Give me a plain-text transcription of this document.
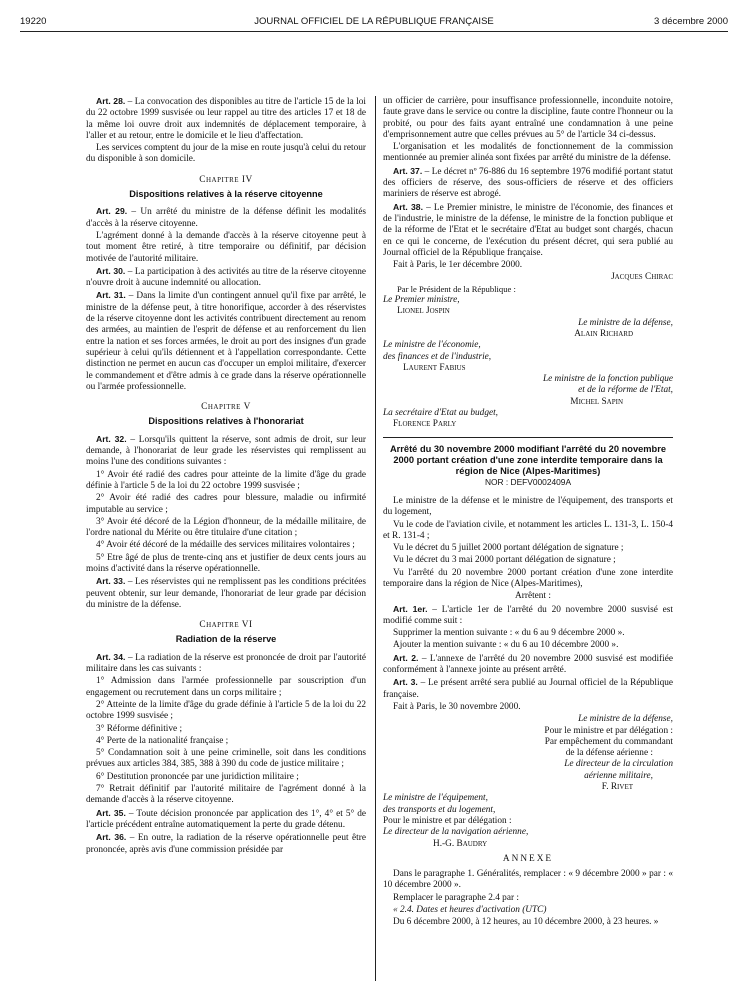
19220	JOURNAL OFFICIEL DE LA RÉPUBLIQUE FRANÇAISE	3 décembre 2000

Art. 28. – La convocation des disponibles au titre de l'article 15 de la loi du 22 octobre 1999 susvisée ou leur rappel au titre des articles 17 et 18 de la même loi ouvre droit aux indemnités de déplacement temporaire, à l'aller et au retour, entre le domicile et le lieu d'affectation.

Les services comptent du jour de la mise en route jusqu'à celui du retour du disponible à son domicile.

Chapitre IV
Dispositions relatives à la réserve citoyenne

Art. 29. – Un arrêté du ministre de la défense définit les modalités d'accès à la réserve citoyenne.

L'agrément donné à la demande d'accès à la réserve citoyenne peut à tout moment être retiré, à titre temporaire ou définitif, par décision motivée de l'autorité militaire.

Art. 30. – La participation à des activités au titre de la réserve citoyenne n'ouvre droit à aucune indemnité ou allocation.

Art. 31. – Dans la limite d'un contingent annuel qu'il fixe par arrêté, le ministre de la défense peut, à titre honorifique, accorder à des réservistes de la réserve citoyenne dont les activités contribuent directement au renom des armées, au maintien de l'esprit de défense et au renforcement du lien entre la nation et ses forces armées, le droit au port des insignes d'un grade supérieur à celui qu'ils détiennent et à l'appellation correspondante. Cette distinction ne permet en aucun cas d'occuper un emploi militaire, d'exercer le commandement et d'être admis à ce grade dans la réserve opérationnelle ou l'armée professionnelle.

Chapitre V
Dispositions relatives à l'honorariat

Art. 32. – Lorsqu'ils quittent la réserve, sont admis de droit, sur leur demande, à l'honorariat de leur grade les réservistes qui remplissent au moins l'une des conditions suivantes :

1° Avoir été radié des cadres pour atteinte de la limite d'âge du grade définie à l'article 5 de la loi du 22 octobre 1999 susvisée ;

2° Avoir été radié des cadres pour blessure, maladie ou infirmité imputable au service ;

3° Avoir été décoré de la Légion d'honneur, de la médaille militaire, de l'ordre national du Mérite ou être titulaire d'une citation ;

4° Avoir été décoré de la médaille des services militaires volontaires ;

5° Etre âgé de plus de trente-cinq ans et justifier de deux cents jours au moins d'activité dans la réserve opérationnelle.

Art. 33. – Les réservistes qui ne remplissent pas les conditions précitées peuvent obtenir, sur leur demande, l'honorariat de leur grade par décision du ministre de la défense.

Chapitre VI
Radiation de la réserve

Art. 34. – La radiation de la réserve est prononcée de droit par l'autorité militaire dans les cas suivants :

1° Admission dans l'armée professionnelle par souscription d'un engagement ou recrutement dans un corps militaire ;

2° Atteinte de la limite d'âge du grade définie à l'article 5 de la loi du 22 octobre 1999 susvisée ;

3° Réforme définitive ;

4° Perte de la nationalité française ;

5° Condamnation soit à une peine criminelle, soit dans les conditions prévues aux articles 384, 385, 388 à 390 du code de justice militaire ;

6° Destitution prononcée par une juridiction militaire ;

7° Retrait définitif par l'autorité militaire de l'agrément donné à la demande d'accès à la réserve citoyenne.

Art. 35. – Toute décision prononcée par application des 1°, 4° et 5° de l'article précédent entraîne automatiquement la perte du grade détenu.

Art. 36. – En outre, la radiation de la réserve opérationnelle peut être prononcée, après avis d'une commission présidée par

un officier de carrière, pour insuffisance professionnelle, inconduite notoire, faute grave dans le service ou contre la discipline, faute contre l'honneur ou la probité, ou pour des faits ayant entraîné une condamnation à une peine d'emprisonnement autre que celles prévues au 5° de l'article 34 ci-dessus.

L'organisation et les modalités de fonctionnement de la commission mentionnée au premier alinéa sont fixées par arrêté du ministre de la défense.

Art. 37. – Le décret nº 76-886 du 16 septembre 1976 modifié portant statut des officiers de réserve, des sous-officiers de réserve et des officiers mariniers de réserve est abrogé.

Art. 38. – Le Premier ministre, le ministre de l'économie, des finances et de l'industrie, le ministre de la défense, le ministre de la fonction publique et de la réforme de l'Etat et le secrétaire d'Etat au budget sont chargés, chacun en ce qui le concerne, de l'exécution du présent décret, qui sera publié au Journal officiel de la République française.

Fait à Paris, le 1er décembre 2000.

Jacques Chirac

Par le Président de la République :

Le Premier ministre,

Lionel Jospin

Le ministre de la défense,

Alain Richard

Le ministre de l'économie,

des finances et de l'industrie,

Laurent Fabius

Le ministre de la fonction publique

et de la réforme de l'Etat,

Michel Sapin

La secrétaire d'Etat au budget,

Florence Parly

Arrêté du 30 novembre 2000 modifiant l'arrêté du 20 novembre 2000 portant création d'une zone interdite temporaire dans la région de Nice (Alpes-Maritimes)

NOR : DEFV0002409A

Le ministre de la défense et le ministre de l'équipement, des transports et du logement,

Vu le code de l'aviation civile, et notamment les articles L. 131-3, L. 150-4 et R. 131-4 ;

Vu le décret du 5 juillet 2000 portant délégation de signature ;

Vu le décret du 3 mai 2000 portant délégation de signature ;

Vu l'arrêté du 20 novembre 2000 portant création d'une zone interdite temporaire dans la région de Nice (Alpes-Maritimes),

Arrêtent :

Art. 1er. – L'article 1er de l'arrêté du 20 novembre 2000 susvisé est modifié comme suit :

Supprimer la mention suivante : « du 6 au 9 décembre 2000 ».

Ajouter la mention suivante : « du 6 au 10 décembre 2000 ».

Art. 2. – L'annexe de l'arrêté du 20 novembre 2000 susvisé est modifiée conformément à l'annexe jointe au présent arrêté.

Art. 3. – Le présent arrêté sera publié au Journal officiel de la République française.

Fait à Paris, le 30 novembre 2000.

Le ministre de la défense,

Pour le ministre et par délégation :

Par empêchement du commandant

de la défense aérienne :

Le directeur de la circulation

aérienne militaire,

F. Rivet

Le ministre de l'équipement,

des transports et du logement,

Pour le ministre et par délégation :

Le directeur de la navigation aérienne,

H.-G. Baudry

ANNEXE

Dans le paragraphe 1. Généralités, remplacer : « 9 décembre 2000 » par : « 10 décembre 2000 ».

Remplacer le paragraphe 2.4 par :

« 2.4. Dates et heures d'activation (UTC)

Du 6 décembre 2000, à 12 heures, au 10 décembre 2000, à 23 heures. »
